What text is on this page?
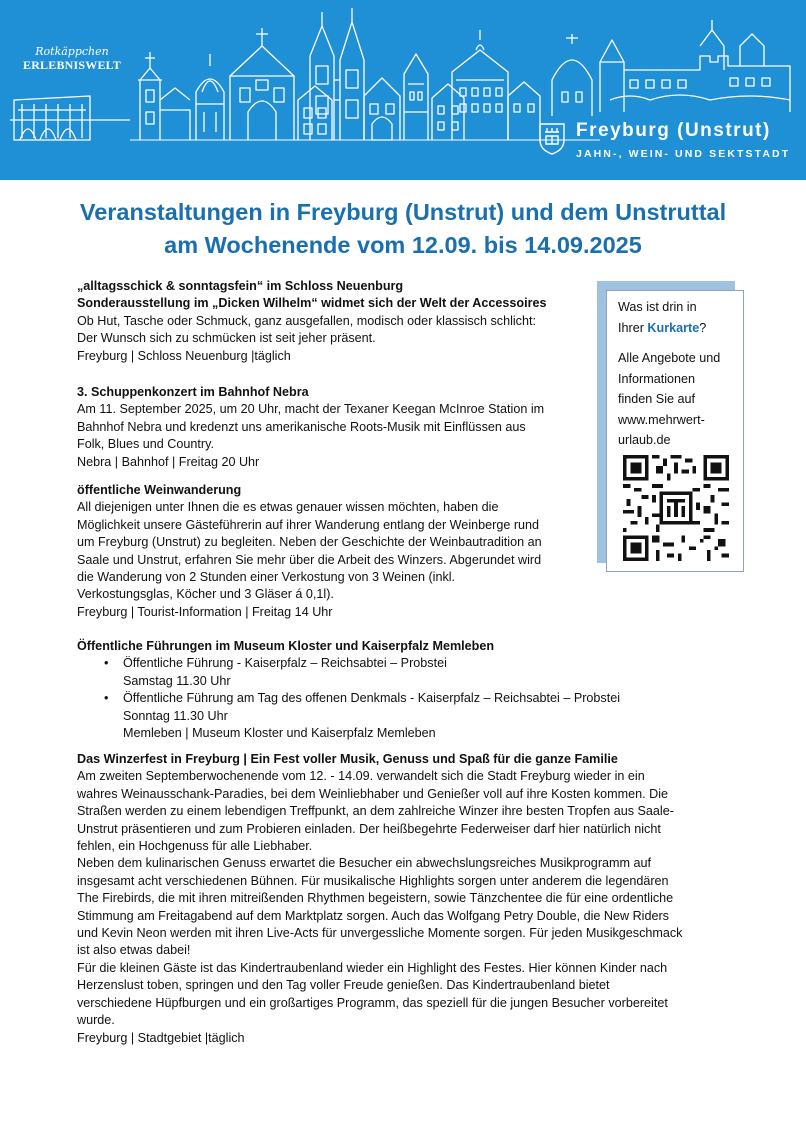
Rotkäppchen
ERLEBNISWELT
Freyburg (Unstrut)
JAHN-, WEIN- UND SEKTSTADT
Veranstaltungen in Freyburg (Unstrut) und dem Unstruttal
am Wochenende vom 12.09. bis 14.09.2025
„alltagsschick & sonntagsfein“ im Schloss Neuenburg
Sonderausstellung im „Dicken Wilhelm“ widmet sich der Welt der Accessoires
Ob Hut, Tasche oder Schmuck, ganz ausgefallen, modisch oder klassisch schlicht:
Der Wunsch sich zu schmücken ist seit jeher präsent.
Freyburg | Schloss Neuenburg |täglich
3. Schuppenkonzert im Bahnhof Nebra
Am 11. September 2025, um 20 Uhr, macht der Texaner Keegan McInroe Station im
Bahnhof Nebra und kredenzt uns amerikanische Roots-Musik mit Einflüssen aus
Folk, Blues und Country.
Nebra | Bahnhof | Freitag 20 Uhr
öffentliche Weinwanderung
All diejenigen unter Ihnen die es etwas genauer wissen möchten, haben die
Möglichkeit unsere Gästeführerin auf ihrer Wanderung entlang der Weinberge rund
um Freyburg (Unstrut) zu begleiten. Neben der Geschichte der Weinbautradition an
Saale und Unstrut, erfahren Sie mehr über die Arbeit des Winzers. Abgerundet wird
die Wanderung von 2 Stunden einer Verkostung von 3 Weinen (inkl.
Verkostungsglas, Köcher und 3 Gläser á 0,1l).
Freyburg | Tourist-Information | Freitag 14 Uhr
Öffentliche Führungen im Museum Kloster und Kaiserpfalz Memleben
• Öffentliche Führung - Kaiserpfalz – Reichsabtei – Probstei
Samstag 11.30 Uhr
• Öffentliche Führung am Tag des offenen Denkmals - Kaiserpfalz – Reichsabtei – Probstei
Sonntag 11.30 Uhr
Memleben | Museum Kloster und Kaiserpfalz Memleben
Das Winzerfest in Freyburg | Ein Fest voller Musik, Genuss und Spaß für die ganze Familie
Am zweiten Septemberwochenende vom 12. - 14.09. verwandelt sich die Stadt Freyburg wieder in ein
wahres Weinausschank-Paradies, bei dem Weinliebhaber und Genießer voll auf ihre Kosten kommen. Die
Straßen werden zu einem lebendigen Treffpunkt, an dem zahlreiche Winzer ihre besten Tropfen aus Saale-
Unstrut präsentieren und zum Probieren einladen. Der heißbegehrte Federweiser darf hier natürlich nicht
fehlen, ein Hochgenuss für alle Liebhaber.
Neben dem kulinarischen Genuss erwartet die Besucher ein abwechslungsreiches Musikprogramm auf
insgesamt acht verschiedenen Bühnen. Für musikalische Highlights sorgen unter anderem die legendären
The Firebirds, die mit ihren mitreißenden Rhythmen begeistern, sowie Tänzchentee die für eine ordentliche
Stimmung am Freitagabend auf dem Marktplatz sorgen. Auch das Wolfgang Petry Double, die New Riders
und Kevin Neon werden mit ihren Live-Acts für unvergessliche Momente sorgen. Für jeden Musikgeschmack
ist also etwas dabei!
Für die kleinen Gäste ist das Kindertraubenland wieder ein Highlight des Festes. Hier können Kinder nach
Herzenslust toben, springen und den Tag voller Freude genießen. Das Kindertraubenland bietet
verschiedene Hüpfburgen und ein großartiges Programm, das speziell für die jungen Besucher vorbereitet
wurde.
Freyburg | Stadtgebiet |täglich
Was ist drin in
Ihrer Kurkarte?
Alle Angebote und
Informationen
finden Sie auf
www.mehrwert-
urlaub.de
